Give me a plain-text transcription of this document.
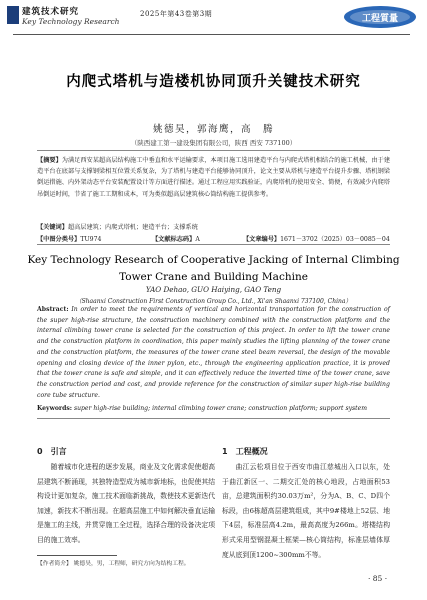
建筑技术研究
Key Technology Research
2025年第43卷第3期	工程質量
内爬式塔机与造楼机协同顶升关键技术研究
姚德昊，郭海鹰，高　腾
（陕西建工第一建设集团有限公司，陕西 西安 737100）
【摘要】为满足西安某超高层结构施工中垂直和水平运输要求，本项目施工选用建造平台与内爬式塔机相结合的施工机械，由于建造平台在底部与支撑钢梁相互位置关系复杂，为了塔机与建造平台能够协同顶升，论文主要从塔机与建造平台提升步骤、塔机钢梁倒运措施、内外架动态平台安装配置设计等方面进行描述。通过工程应用实践验证，内爬塔机的使用安全、简便，有效减少内爬塔吊倒运时间，节省了施工工期和成本，可为类似超高层建筑核心筒结构施工提供参考。
【关键词】超高层建筑；内爬式塔机；建造平台；支撑系统
【中图分类号】TU974	【文献标志码】A	【文章编号】1671－3702（2025）03－0085－04
Key Technology Research of Cooperative Jacking of Internal Climbing Tower Crane and Building Machine
YAO Dehao, GUO Haiying, GAO Teng
（Shaanxi Construction First Construction Group Co., Ltd., Xi'an Shaanxi 737100, China）
Abstract: In order to meet the requirements of vertical and horizontal transportation for the construction of the super high-rise structure, the construction machinery combined with the construction platform and the internal climbing tower crane is selected for the construction of this project. In order to lift the tower crane and the construction platform in coordination, this paper mainly studies the lifting planning of the tower crane and the construction platform, the measures of the tower crane steel beam reversal, the design of the movable opening and closing device of the inner pylon, etc., through the engineering application practice, it is proved that the tower crane is safe and simple, and it can effectively reduce the inverted time of the tower crane, save the construction period and cost, and provide reference for the construction of similar super high-rise building core tube structure.
Keywords: super high-rise building; internal climbing tower crane; construction platform; support system
0　引言
随着城市化进程的逐步发展，商业及文化需求促使超高层建筑不断涌现，其独特造型成为城市新地标，也促使其结构设计更加复杂，施工技术面临新挑战，数使技术更新迭代加速，新技术不断出现。在超高层施工中如何解决垂直运输是施工的主线，并贯穿施工全过程，选择合理的设备决定项目的施工效率。
1　工程概况
曲江云松项目位于西安市曲江慈城出入口以东，处于曲江新区一、二期交汇处的核心地段，占地面积53亩，总建筑面积约30.03万m²，分为A、B、C、D四个标段，由6栋超高层建筑组成，其中9#楼地上52层、地下4层，标准层高4.2m，最高高度为266m。塔楼结构形式采用型钢混凝土框架—核心筒结构，标准层墙体厚度从底到顶1200~300mm不等。
【作者简介】 姚德昊，男，工程师，研究方向为结构工程。
· 85 ·
